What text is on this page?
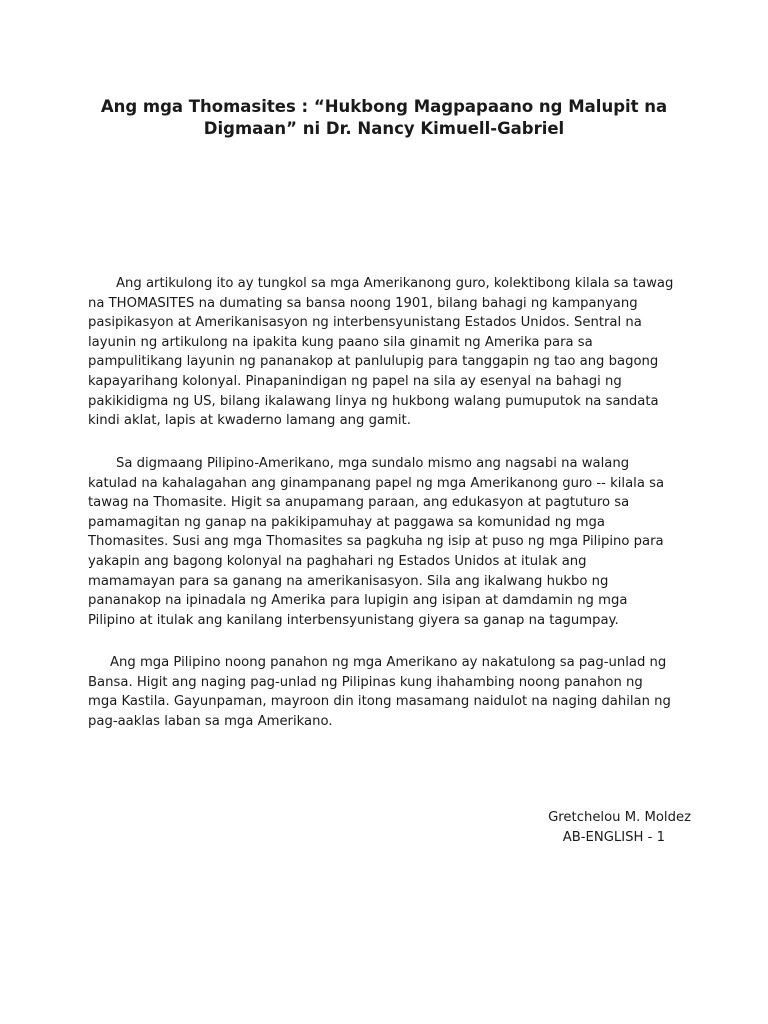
Ang mga Thomasites : “Hukbong Magpapaano ng Malupit na
Digmaan” ni Dr. Nancy Kimuell-Gabriel

Ang artikulong ito ay tungkol sa mga Amerikanong guro, kolektibong kilala sa tawag na THOMASITES na dumating sa bansa noong 1901, bilang bahagi ng kampanyang pasipikasyon at Amerikanisasyon ng interbensyunistang Estados Unidos. Sentral na layunin ng artikulong na ipakita kung paano sila ginamit ng Amerika para sa pampulitikang layunin ng pananakop at panlulupig para tanggapin ng tao ang bagong kapayarihang kolonyal. Pinapanindigan ng papel na sila ay esenyal na bahagi ng pakikidigma ng US, bilang ikalawang linya ng hukbong walang pumuputok na sandata kindi aklat, lapis at kwaderno lamang ang gamit.

Sa digmaang Pilipino-Amerikano, mga sundalo mismo ang nagsabi na walang katulad na kahalagahan ang ginampanang papel ng mga Amerikanong guro -- kilala sa tawag na Thomasite. Higit sa anupamang paraan, ang edukasyon at pagtuturo sa pamamagitan ng ganap na pakikipamuhay at paggawa sa komunidad ng mga Thomasites. Susi ang mga Thomasites sa pagkuha ng isip at puso ng mga Pilipino para yakapin ang bagong kolonyal na paghahari ng Estados Unidos at itulak ang mamamayan para sa ganang na amerikanisasyon. Sila ang ikalwang hukbo ng pananakop na ipinadala ng Amerika para lupigin ang isipan at damdamin ng mga Pilipino at itulak ang kanilang interbensyunistang giyera sa ganap na tagumpay.

Ang mga Pilipino noong panahon ng mga Amerikano ay nakatulong sa pag-unlad ng Bansa. Higit ang naging pag-unlad ng Pilipinas kung ihahambing noong panahon ng mga Kastila. Gayunpaman, mayroon din itong masamang naidulot na naging dahilan ng pag-aaklas laban sa mga Amerikano.

Gretchelou M. Moldez

AB-ENGLISH - 1
